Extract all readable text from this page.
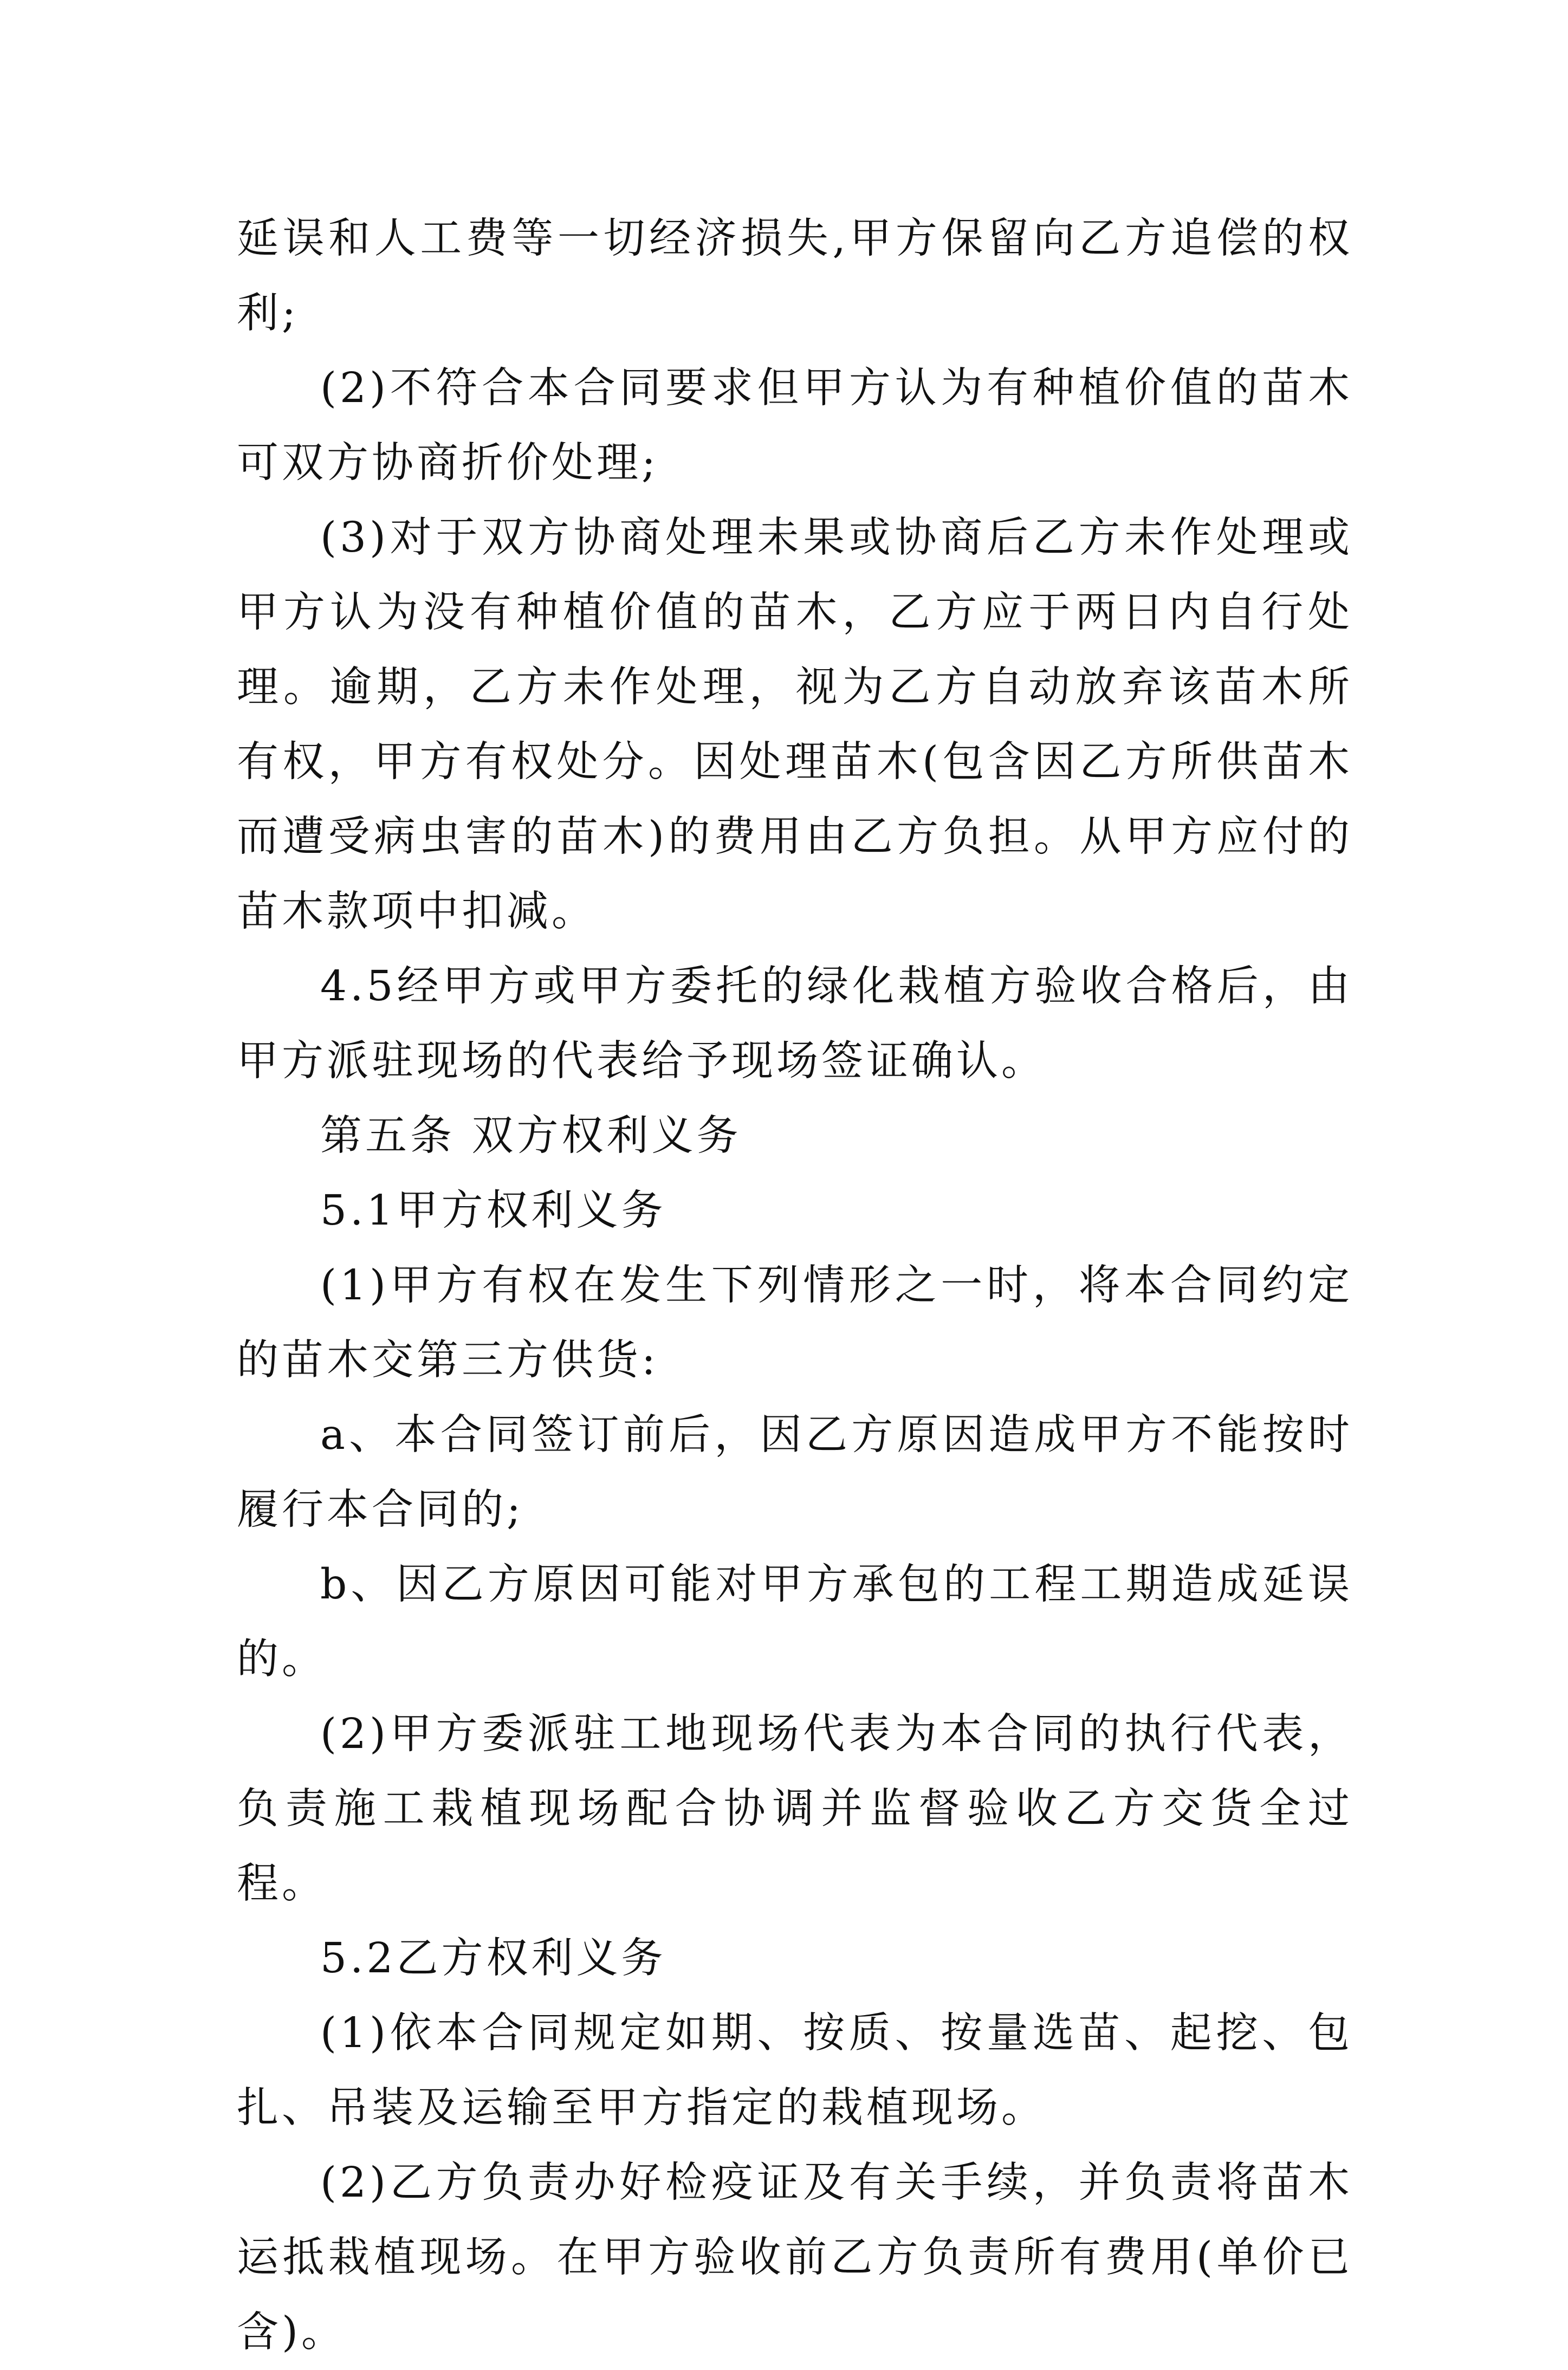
延误和人工费等一切经济损失,甲方保留向乙方追偿的权利;

(2)不符合本合同要求但甲方认为有种植价值的苗木可双方协商折价处理;

(3)对于双方协商处理未果或协商后乙方未作处理或甲方认为没有种植价值的苗木，乙方应于两日内自行处理。逾期，乙方未作处理，视为乙方自动放弃该苗木所有权，甲方有权处分。因处理苗木(包含因乙方所供苗木而遭受病虫害的苗木)的费用由乙方负担。从甲方应付的苗木款项中扣减。

4.5经甲方或甲方委托的绿化栽植方验收合格后，由甲方派驻现场的代表给予现场签证确认。

第五条 双方权利义务

5.1甲方权利义务

(1)甲方有权在发生下列情形之一时，将本合同约定的苗木交第三方供货:

a、本合同签订前后，因乙方原因造成甲方不能按时履行本合同的;

b、因乙方原因可能对甲方承包的工程工期造成延误的。

(2)甲方委派驻工地现场代表为本合同的执行代表，负责施工栽植现场配合协调并监督验收乙方交货全过程。

5.2乙方权利义务

(1)依本合同规定如期、按质、按量选苗、起挖、包扎、吊装及运输至甲方指定的栽植现场。

(2)乙方负责办好检疫证及有关手续，并负责将苗木运抵栽植现场。在甲方验收前乙方负责所有费用(单价已含)。
